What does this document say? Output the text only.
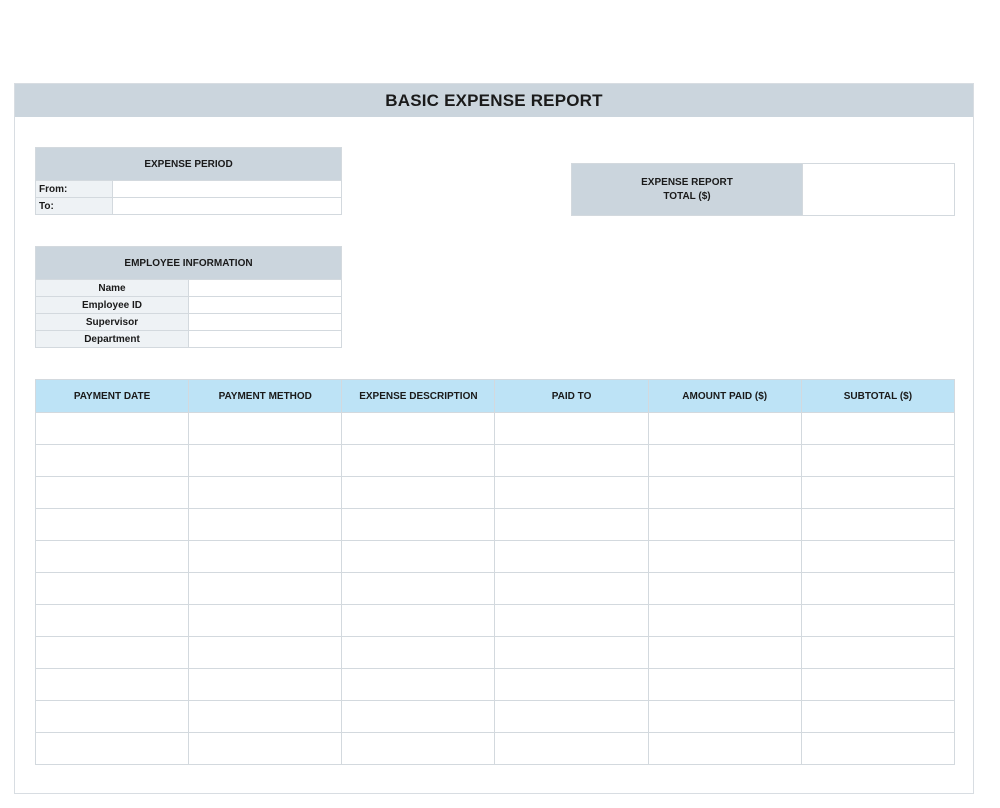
BASIC EXPENSE REPORT
EXPENSE PERIOD	
From:	
To:	
EXPENSE REPORT
TOTAL ($)	
EMPLOYEE INFORMATION	
Name	
Employee ID	
Supervisor	
Department	
PAYMENT DATE	PAYMENT METHOD	EXPENSE DESCRIPTION	PAID TO	AMOUNT PAID ($)	SUBTOTAL ($)
